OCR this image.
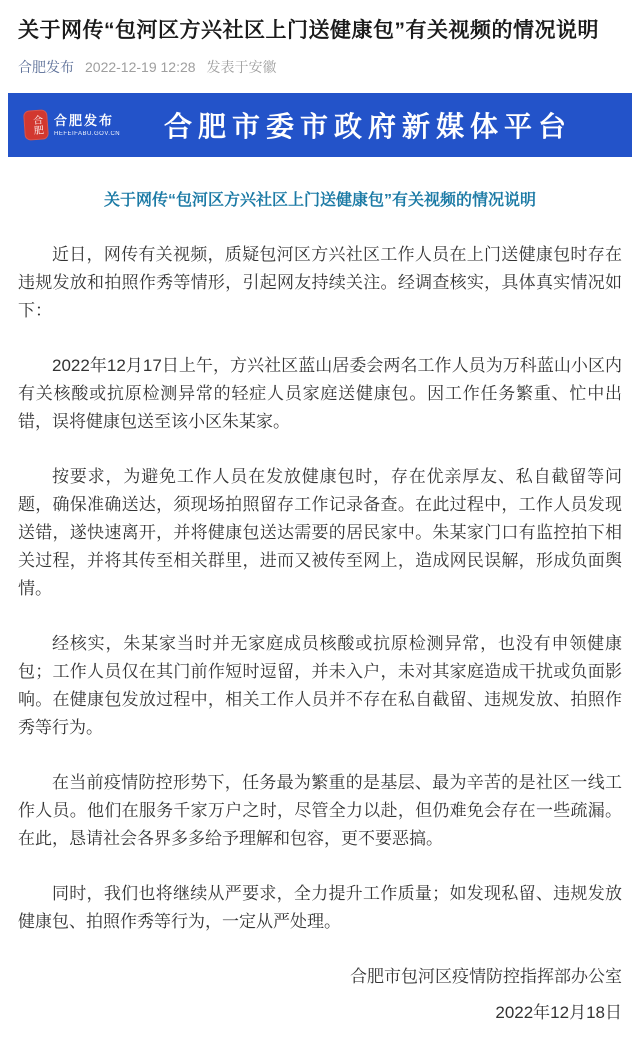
关于网传“包河区方兴社区上门送健康包”有关视频的情况说明
合肥发布 2022-12-19 12:28 发表于安徽
合肥 合肥发布
HEFEIFABU.GOV.CN	合肥市委市政府新媒体平台
关于网传“包河区方兴社区上门送健康包”有关视频的情况说明

近日，网传有关视频，质疑包河区方兴社区工作人员在上门送健康包时存在违规发放和拍照作秀等情形，引起网友持续关注。经调查核实，具体真实情况如下：

2022年12月17日上午，方兴社区蓝山居委会两名工作人员为万科蓝山小区内有关核酸或抗原检测异常的轻症人员家庭送健康包。因工作任务繁重、忙中出错，误将健康包送至该小区朱某家。

按要求，为避免工作人员在发放健康包时，存在优亲厚友、私自截留等问题，确保准确送达，须现场拍照留存工作记录备查。在此过程中，工作人员发现送错，遂快速离开，并将健康包送达需要的居民家中。朱某家门口有监控拍下相关过程，并将其传至相关群里，进而又被传至网上，造成网民误解，形成负面舆情。

经核实，朱某家当时并无家庭成员核酸或抗原检测异常，也没有申领健康包；工作人员仅在其门前作短时逗留，并未入户，未对其家庭造成干扰或负面影响。在健康包发放过程中，相关工作人员并不存在私自截留、违规发放、拍照作秀等行为。

在当前疫情防控形势下，任务最为繁重的是基层、最为辛苦的是社区一线工作人员。他们在服务千家万户之时，尽管全力以赴，但仍难免会存在一些疏漏。在此，恳请社会各界多多给予理解和包容，更不要恶搞。

同时，我们也将继续从严要求，全力提升工作质量；如发现私留、违规发放健康包、拍照作秀等行为，一定从严处理。

合肥市包河区疫情防控指挥部办公室
2022年12月18日
